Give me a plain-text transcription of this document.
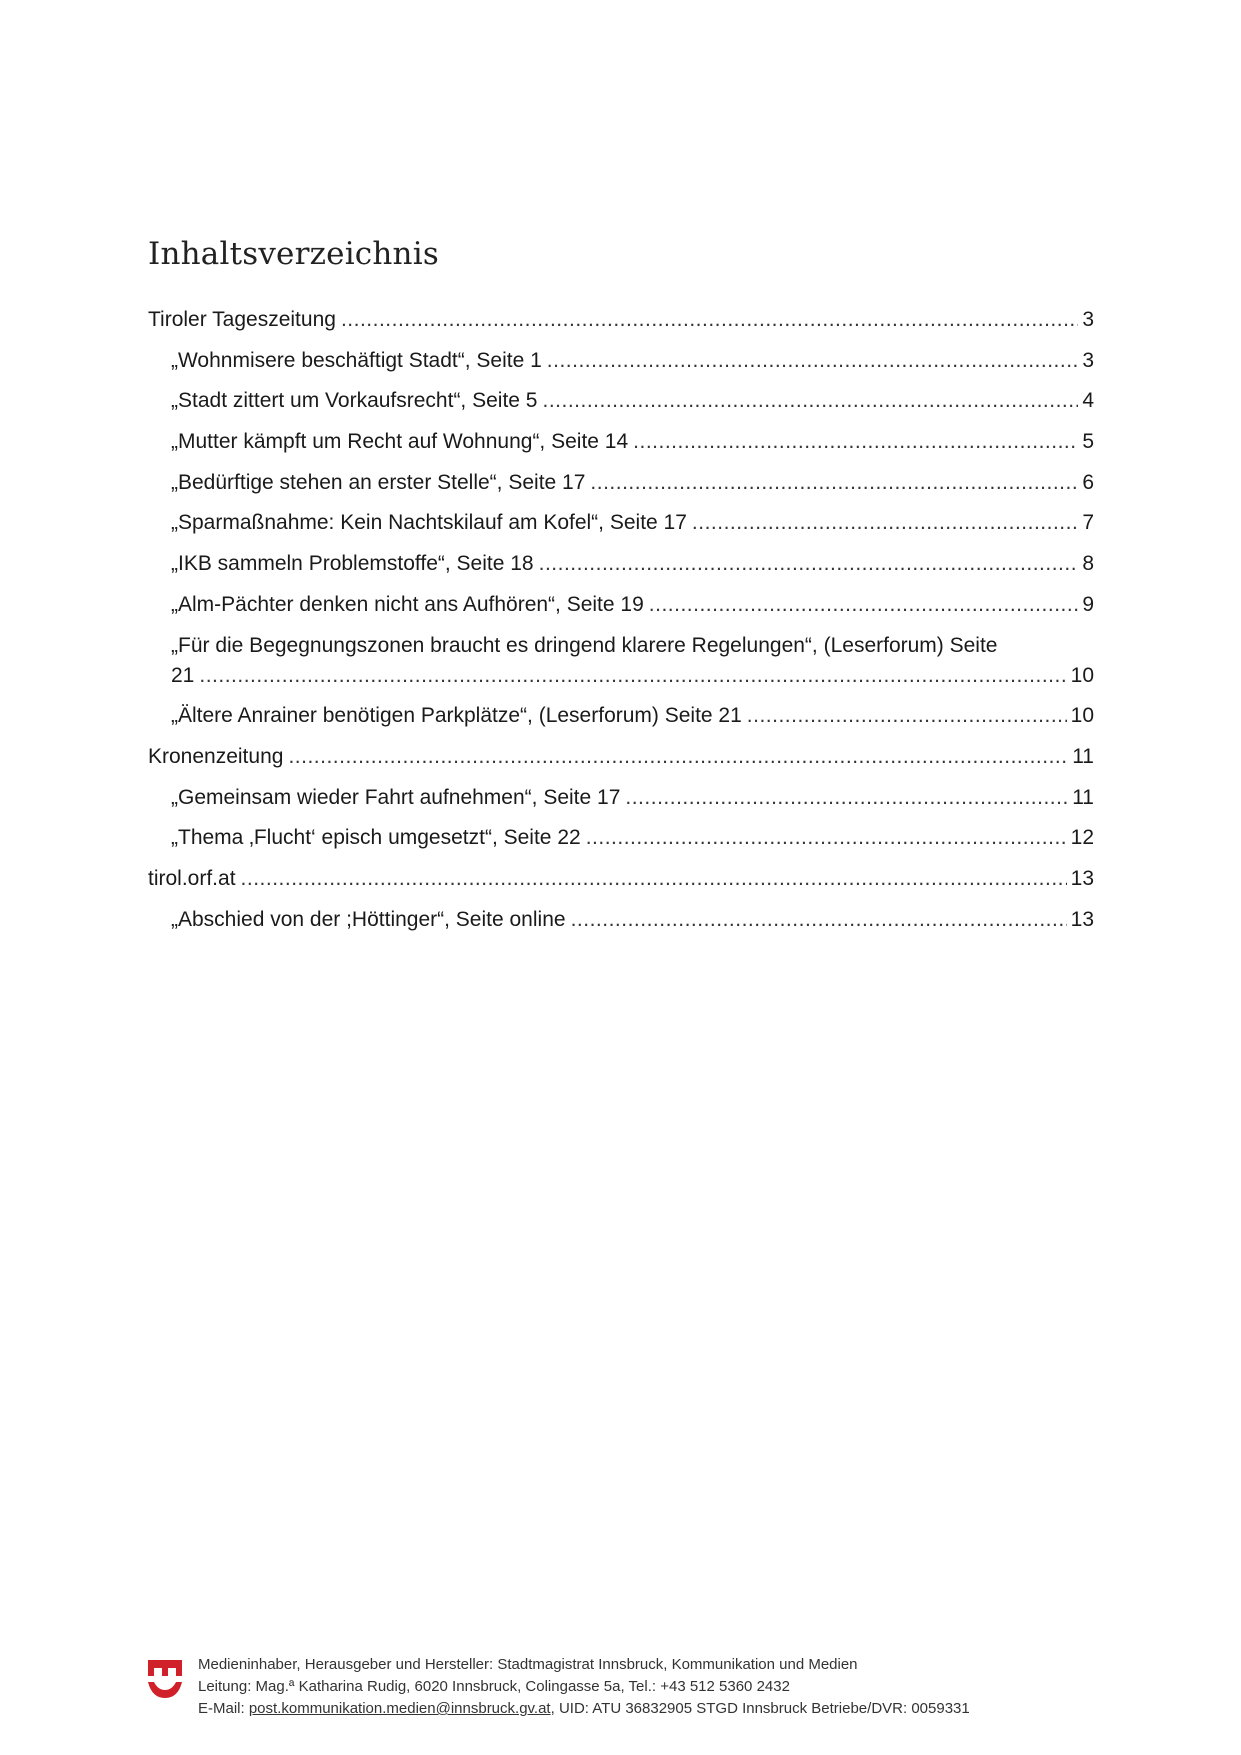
Inhaltsverzeichnis
Tiroler Tageszeitung .....	3
„Wohnmisere beschäftigt Stadt“, Seite 1 .....	3
„Stadt zittert um Vorkaufsrecht“, Seite 5 .....	4
„Mutter kämpft um Recht auf Wohnung“, Seite 14 .....	5
„Bedürftige stehen an erster Stelle“, Seite 17 .....	6
„Sparmaßnahme: Kein Nachtskilauf am Kofel“, Seite 17 .....	7
„IKB sammeln Problemstoffe“, Seite 18 .....	8
„Alm-Pächter denken nicht ans Aufhören“, Seite 19 .....	9
„Für die Begegnungszonen braucht es dringend klarere Regelungen“, (Leserforum) Seite
21 .....	10
„Ältere Anrainer benötigen Parkplätze“, (Leserforum) Seite 21 .....	10
Kronenzeitung .....	11
„Gemeinsam wieder Fahrt aufnehmen“, Seite 17 .....	11
„Thema ‚Flucht‘ episch umgesetzt“, Seite 22 .....	12
tirol.orf.at .....	13
„Abschied von der ;Höttinger“, Seite online .....	13
Medieninhaber, Herausgeber und Hersteller: Stadtmagistrat Innsbruck, Kommunikation und Medien
Leitung: Mag.ª Katharina Rudig, 6020 Innsbruck, Colingasse 5a, Tel.: +43 512 5360 2432
E-Mail: post.kommunikation.medien@innsbruck.gv.at, UID: ATU 36832905 STGD Innsbruck Betriebe/DVR: 0059331
